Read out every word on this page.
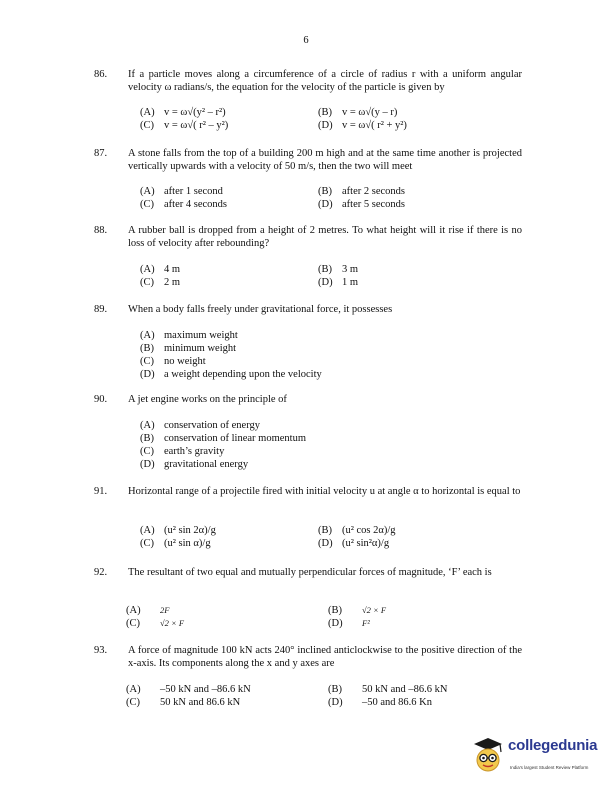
6
86. If a particle moves along a circumference of a circle of radius r with a uniform angular velocity ω radians/s, the equation for the velocity of the particle is given by
(A) v = ω√(y² – r²)	(B) v = ω√(y – r)
(C) v = ω√( r² – y²)	(D) v = ω√( r² + y²)
87. A stone falls from the top of a building 200 m high and at the same time another is projected vertically upwards with a velocity of 50 m/s, then the two will meet
(A) after 1 second	(B) after 2 seconds
(C) after 4 seconds	(D) after 5 seconds
88. A rubber ball is dropped from a height of 2 metres. To what height will it rise if there is no loss of velocity after rebounding?
(A) 4 m	(B) 3 m
(C) 2 m	(D) 1 m
89. When a body falls freely under gravitational force, it possesses
(A) maximum weight
(B) minimum weight
(C) no weight
(D) a weight depending upon the velocity
90. A jet engine works on the principle of
(A) conservation of energy
(B) conservation of linear momentum
(C) earth’s gravity
(D) gravitational energy
91. Horizontal range of a projectile fired with initial velocity u at angle α to horizontal is equal to
(A) (u² sin 2α)/g	(B) (u² cos 2α)/g
(C) (u² sin α)/g	(D) (u² sin²α)/g
92. The resultant of two equal and mutually perpendicular forces of magnitude, ‘F’ each is
(A) 2F	(B) √2 × F
(C) √2 × F	(D) F²
93. A force of magnitude 100 kN acts 240° inclined anticlockwise to the positive direction of the x-axis. Its components along the x and y axes are
(A) –50 kN and –86.6 kN	(B) 50 kN and –86.6 kN
(C) 50 kN and 86.6 kN	(D) –50 and 86.6 Kn
collegedunia
India's largest Student Review Platform
